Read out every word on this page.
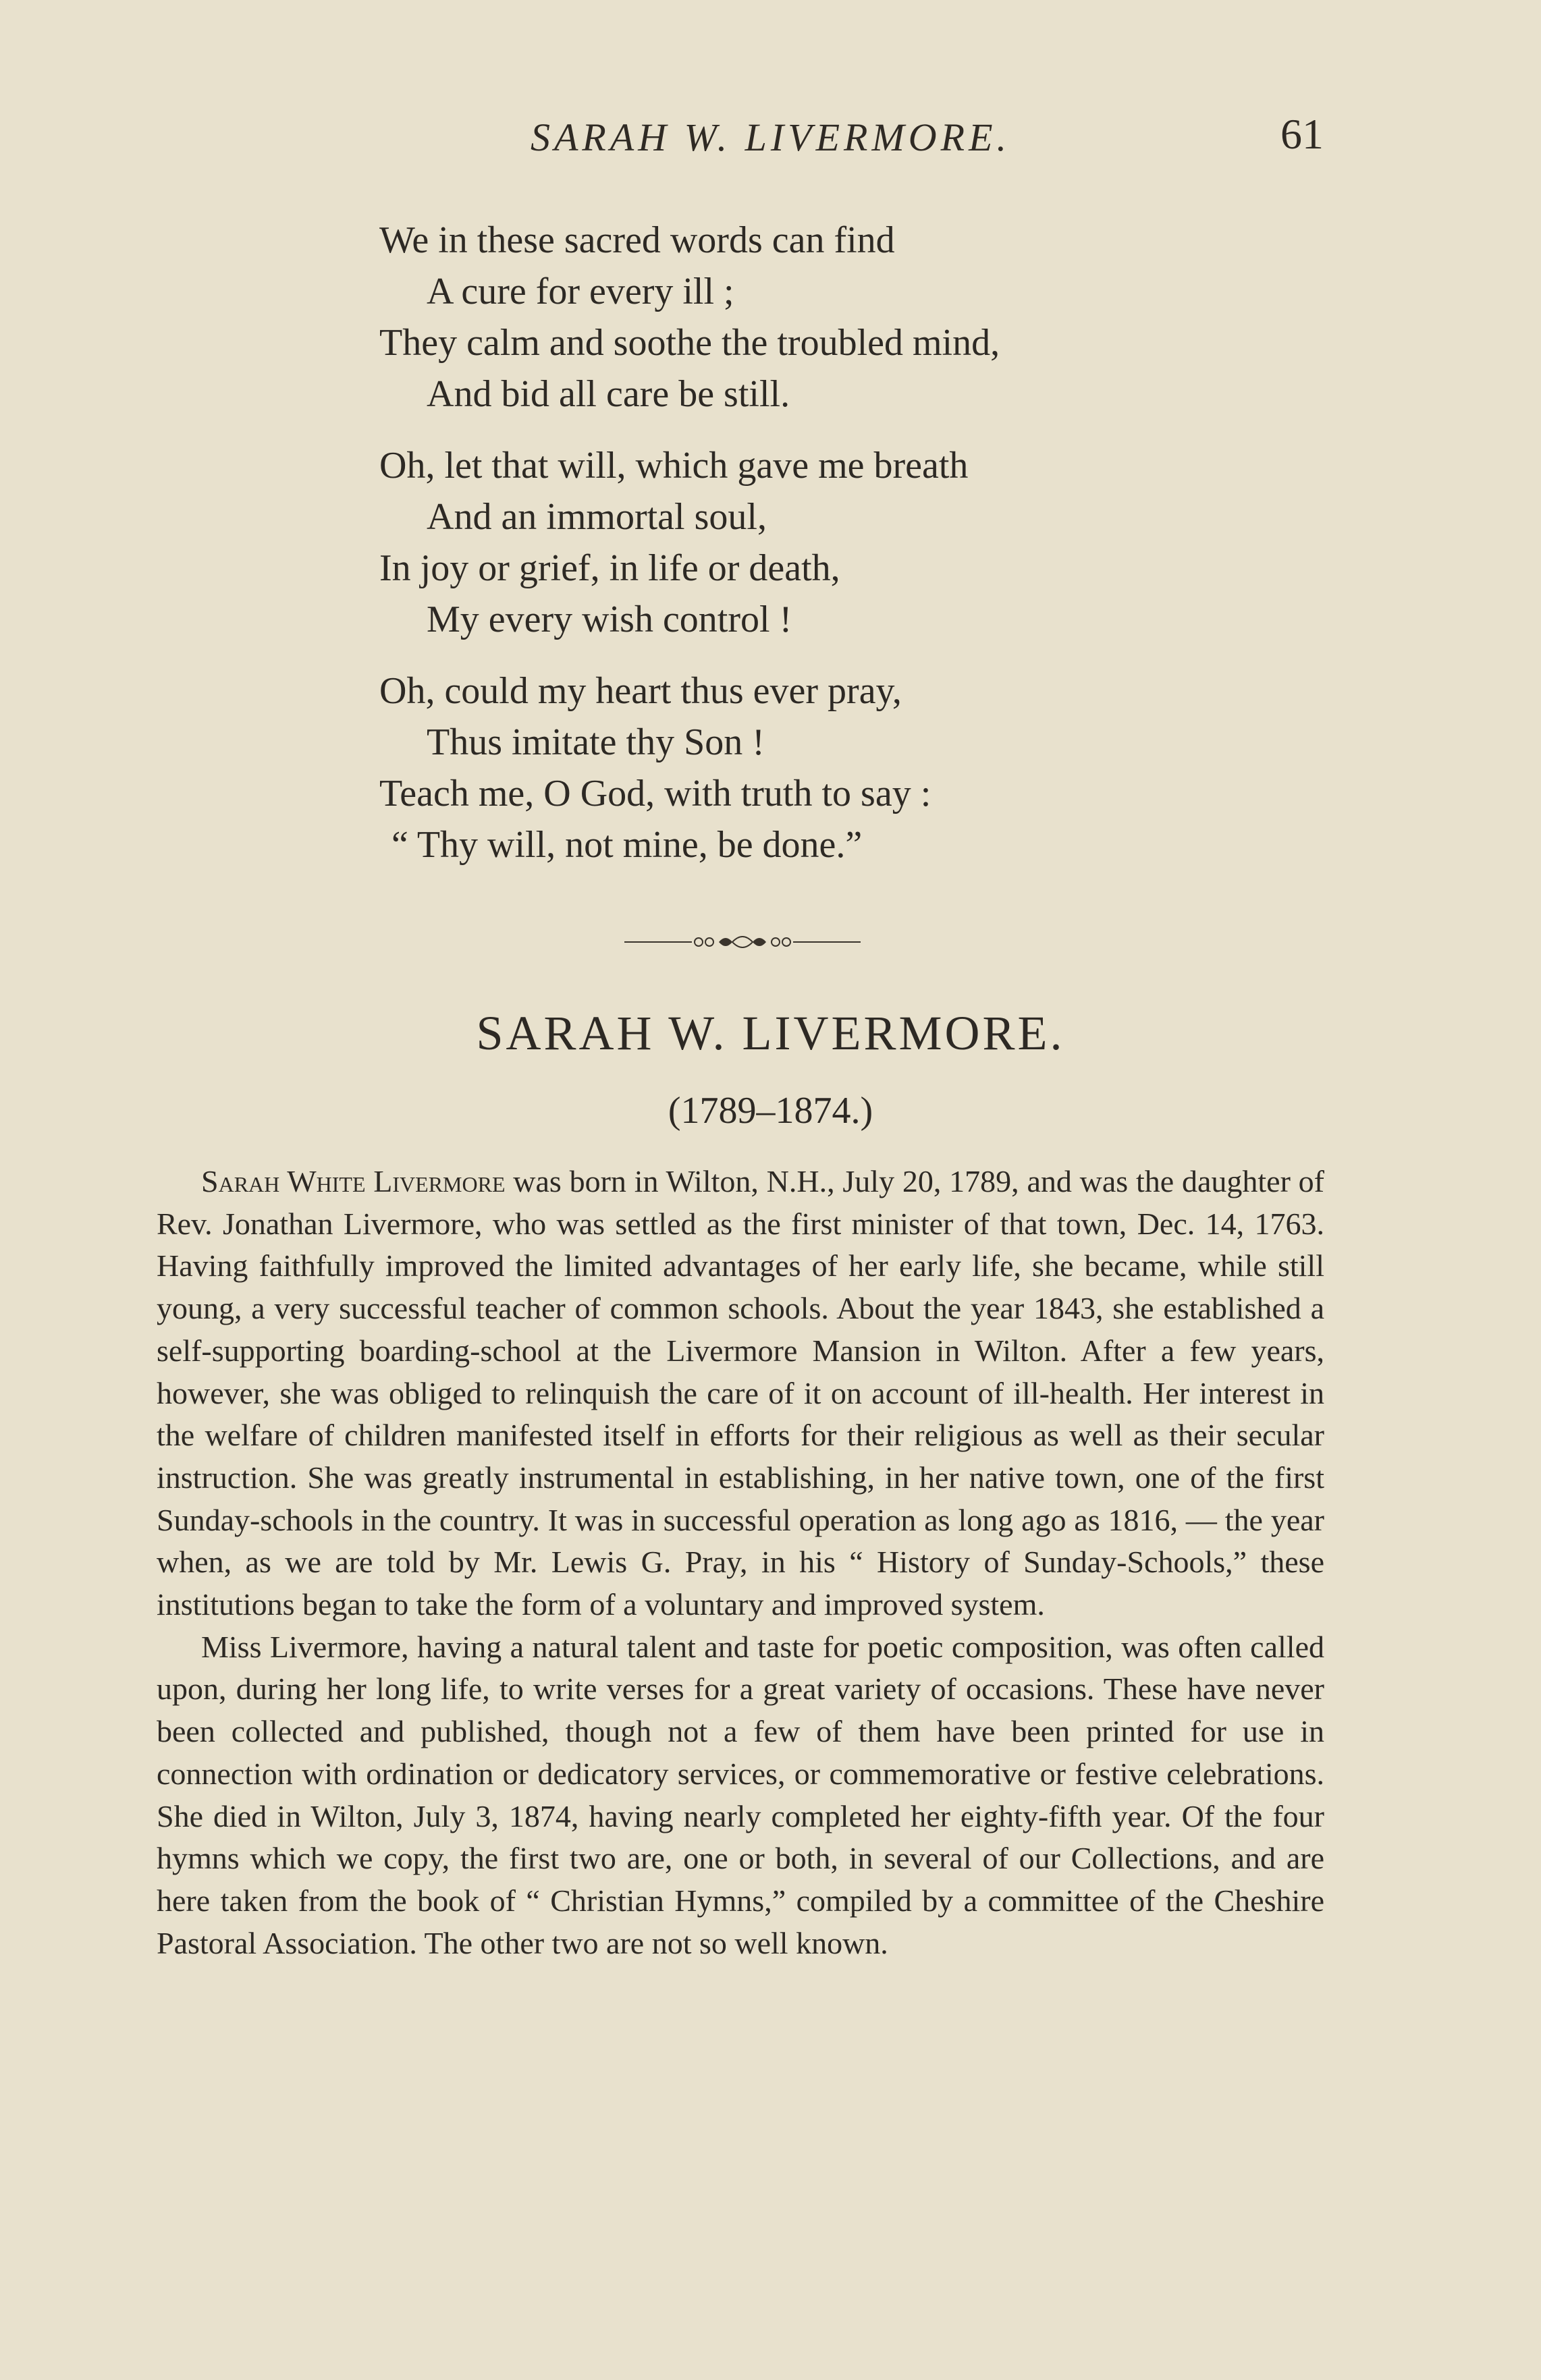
SARAH W. LIVERMORE.	61
We in these sacred words can find
A cure for every ill ;
They calm and soothe the troubled mind,
And bid all care be still.
Oh, let that will, which gave me breath
And an immortal soul,
In joy or grief, in life or death,
My every wish control !
Oh, could my heart thus ever pray,
Thus imitate thy Son !
Teach me, O God, with truth to say :
“ Thy will, not mine, be done.”
SARAH W. LIVERMORE.
(1789–1874.)

Sarah White Livermore was born in Wilton, N.H., July 20, 1789, and was the daughter of Rev. Jonathan Livermore, who was settled as the first minister of that town, Dec. 14, 1763. Having faithfully improved the limited advantages of her early life, she became, while still young, a very successful teacher of common schools. About the year 1843, she established a self-supporting boarding-school at the Livermore Mansion in Wilton. After a few years, however, she was obliged to relinquish the care of it on account of ill-health. Her interest in the welfare of children manifested itself in efforts for their religious as well as their secular instruction. She was greatly instrumental in establishing, in her native town, one of the first Sunday-schools in the country. It was in successful operation as long ago as 1816, — the year when, as we are told by Mr. Lewis G. Pray, in his “ History of Sunday-Schools,” these institutions began to take the form of a voluntary and improved system.

Miss Livermore, having a natural talent and taste for poetic composition, was often called upon, during her long life, to write verses for a great variety of occasions. These have never been collected and published, though not a few of them have been printed for use in connection with ordination or dedicatory services, or commemorative or festive celebrations. She died in Wilton, July 3, 1874, having nearly completed her eighty-fifth year. Of the four hymns which we copy, the first two are, one or both, in several of our Collections, and are here taken from the book of “ Christian Hymns,” compiled by a committee of the Cheshire Pastoral Association. The other two are not so well known.
